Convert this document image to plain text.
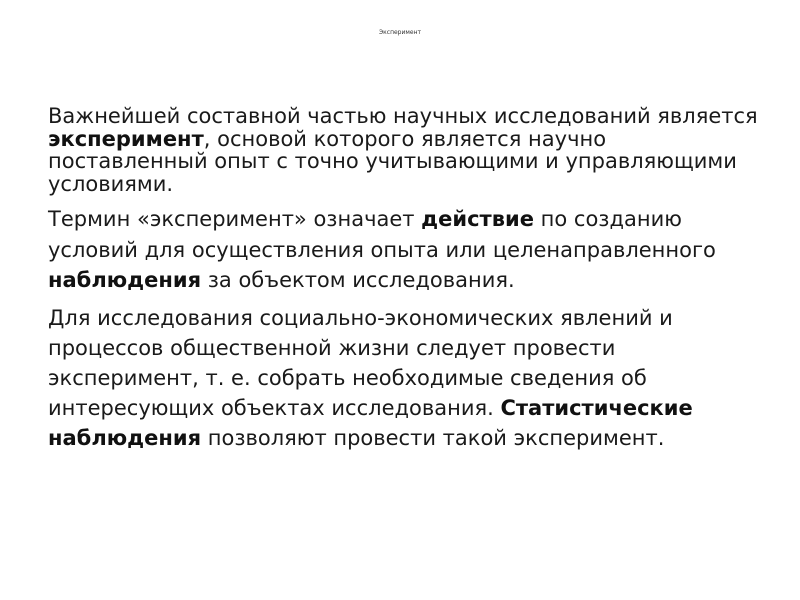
Эксперимент

Важнейшей составной частью научных исследований является эксперимент, основой которого является научно поставленный опыт с точно учитывающими и управляющими условиями.

Термин «эксперимент» означает действие по созданию условий для осуществления опыта или целенаправленного наблюдения за объектом исследования.

Для исследования социально-экономических явлений и процессов общественной жизни следует провести эксперимент, т. е. собрать необходимые сведения об интересующих объектах исследования. Статистические наблюдения позволяют провести такой эксперимент.
